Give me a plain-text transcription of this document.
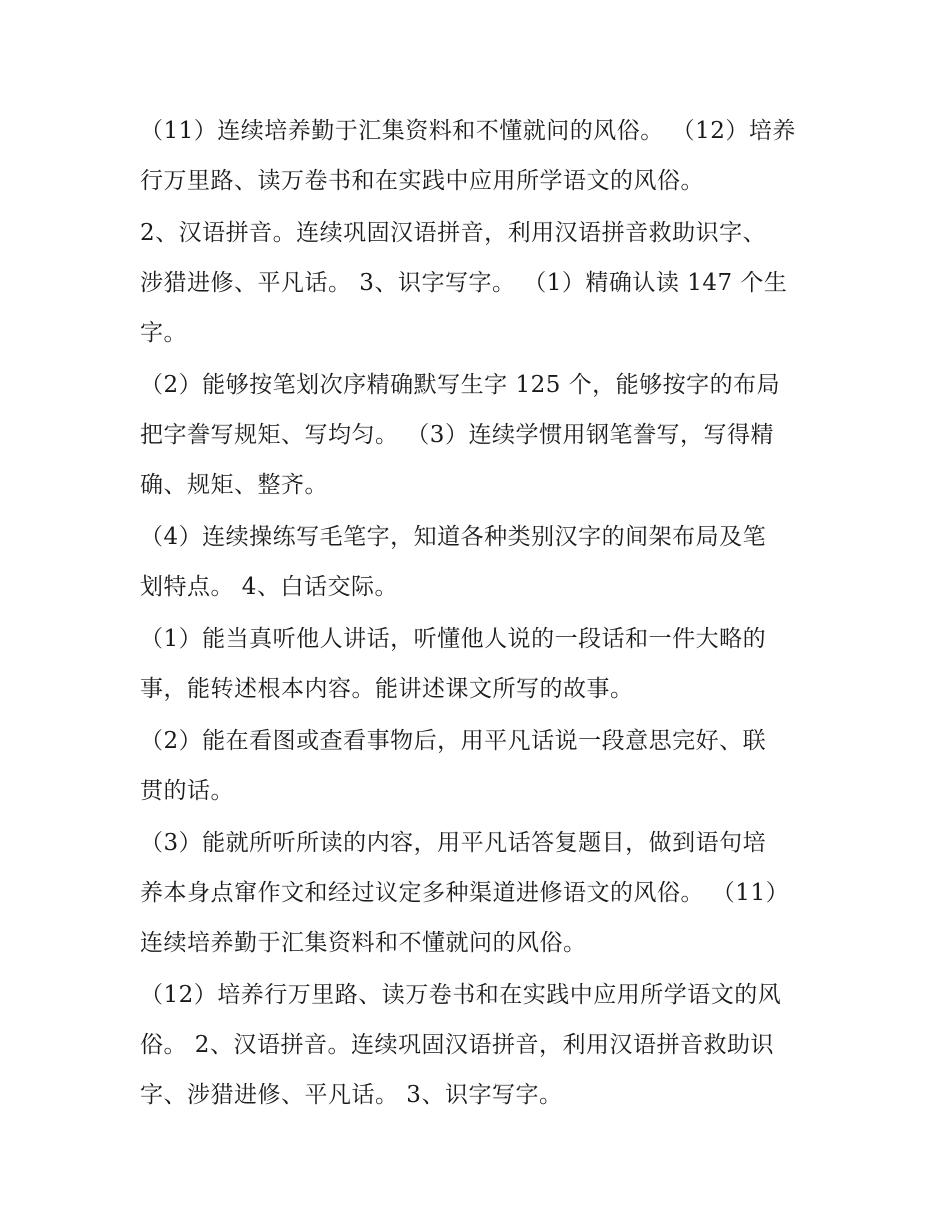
（11）连续培养勤于汇集资料和不懂就问的风俗。 （12）培养
行万里路、读万卷书和在实践中应用所学语文的风俗。
2、汉语拼音。连续巩固汉语拼音，利用汉语拼音救助识字、
涉猎进修、平凡话。 3、识字写字。 （1）精确认读 147 个生
字。
（2）能够按笔划次序精确默写生字 125 个，能够按字的布局
把字誊写规矩、写均匀。 （3）连续学惯用钢笔誊写，写得精
确、规矩、整齐。
（4）连续操练写毛笔字，知道各种类别汉字的间架布局及笔
划特点。 4、白话交际。
（1）能当真听他人讲话，听懂他人说的一段话和一件大略的
事，能转述根本内容。能讲述课文所写的故事。
（2）能在看图或查看事物后，用平凡话说一段意思完好、联
贯的话。
（3）能就所听所读的内容，用平凡话答复题目，做到语句培
养本身点窜作文和经过议定多种渠道进修语文的风俗。 （11）
连续培养勤于汇集资料和不懂就问的风俗。
（12）培养行万里路、读万卷书和在实践中应用所学语文的风
俗。 2、汉语拼音。连续巩固汉语拼音，利用汉语拼音救助识
字、涉猎进修、平凡话。 3、识字写字。
